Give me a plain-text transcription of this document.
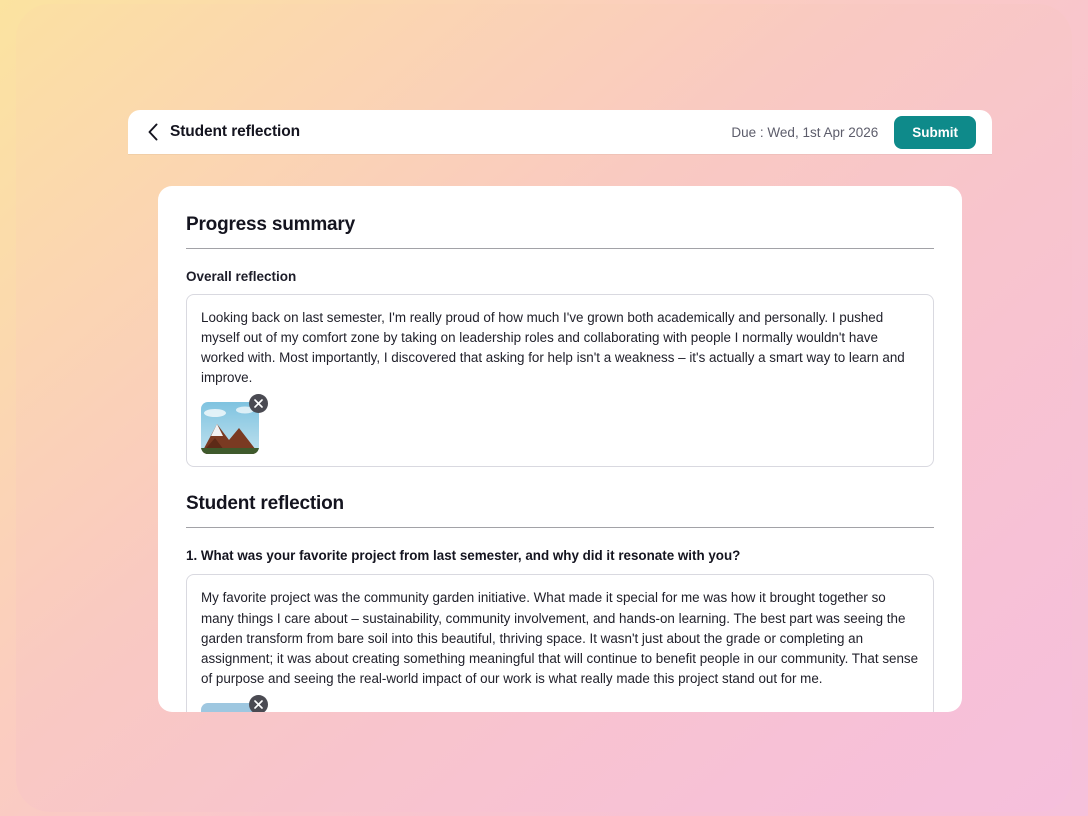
Student reflection	Due : Wed, 1st Apr 2026	Submit
Progress summary
Overall reflection

Looking back on last semester, I'm really proud of how much I've grown both academically and personally. I pushed myself out of my comfort zone by taking on leadership roles and collaborating with people I normally wouldn't have worked with. Most importantly, I discovered that asking for help isn't a weakness – it's actually a smart way to learn and improve.

Student reflection
1. What was your favorite project from last semester, and why did it resonate with you?

My favorite project was the community garden initiative. What made it special for me was how it brought together so many things I care about – sustainability, community involvement, and hands-on learning. The best part was seeing the garden transform from bare soil into this beautiful, thriving space. It wasn't just about the grade or completing an assignment; it was about creating something meaningful that will continue to benefit people in our community. That sense of purpose and seeing the real-world impact of our work is what really made this project stand out for me.
